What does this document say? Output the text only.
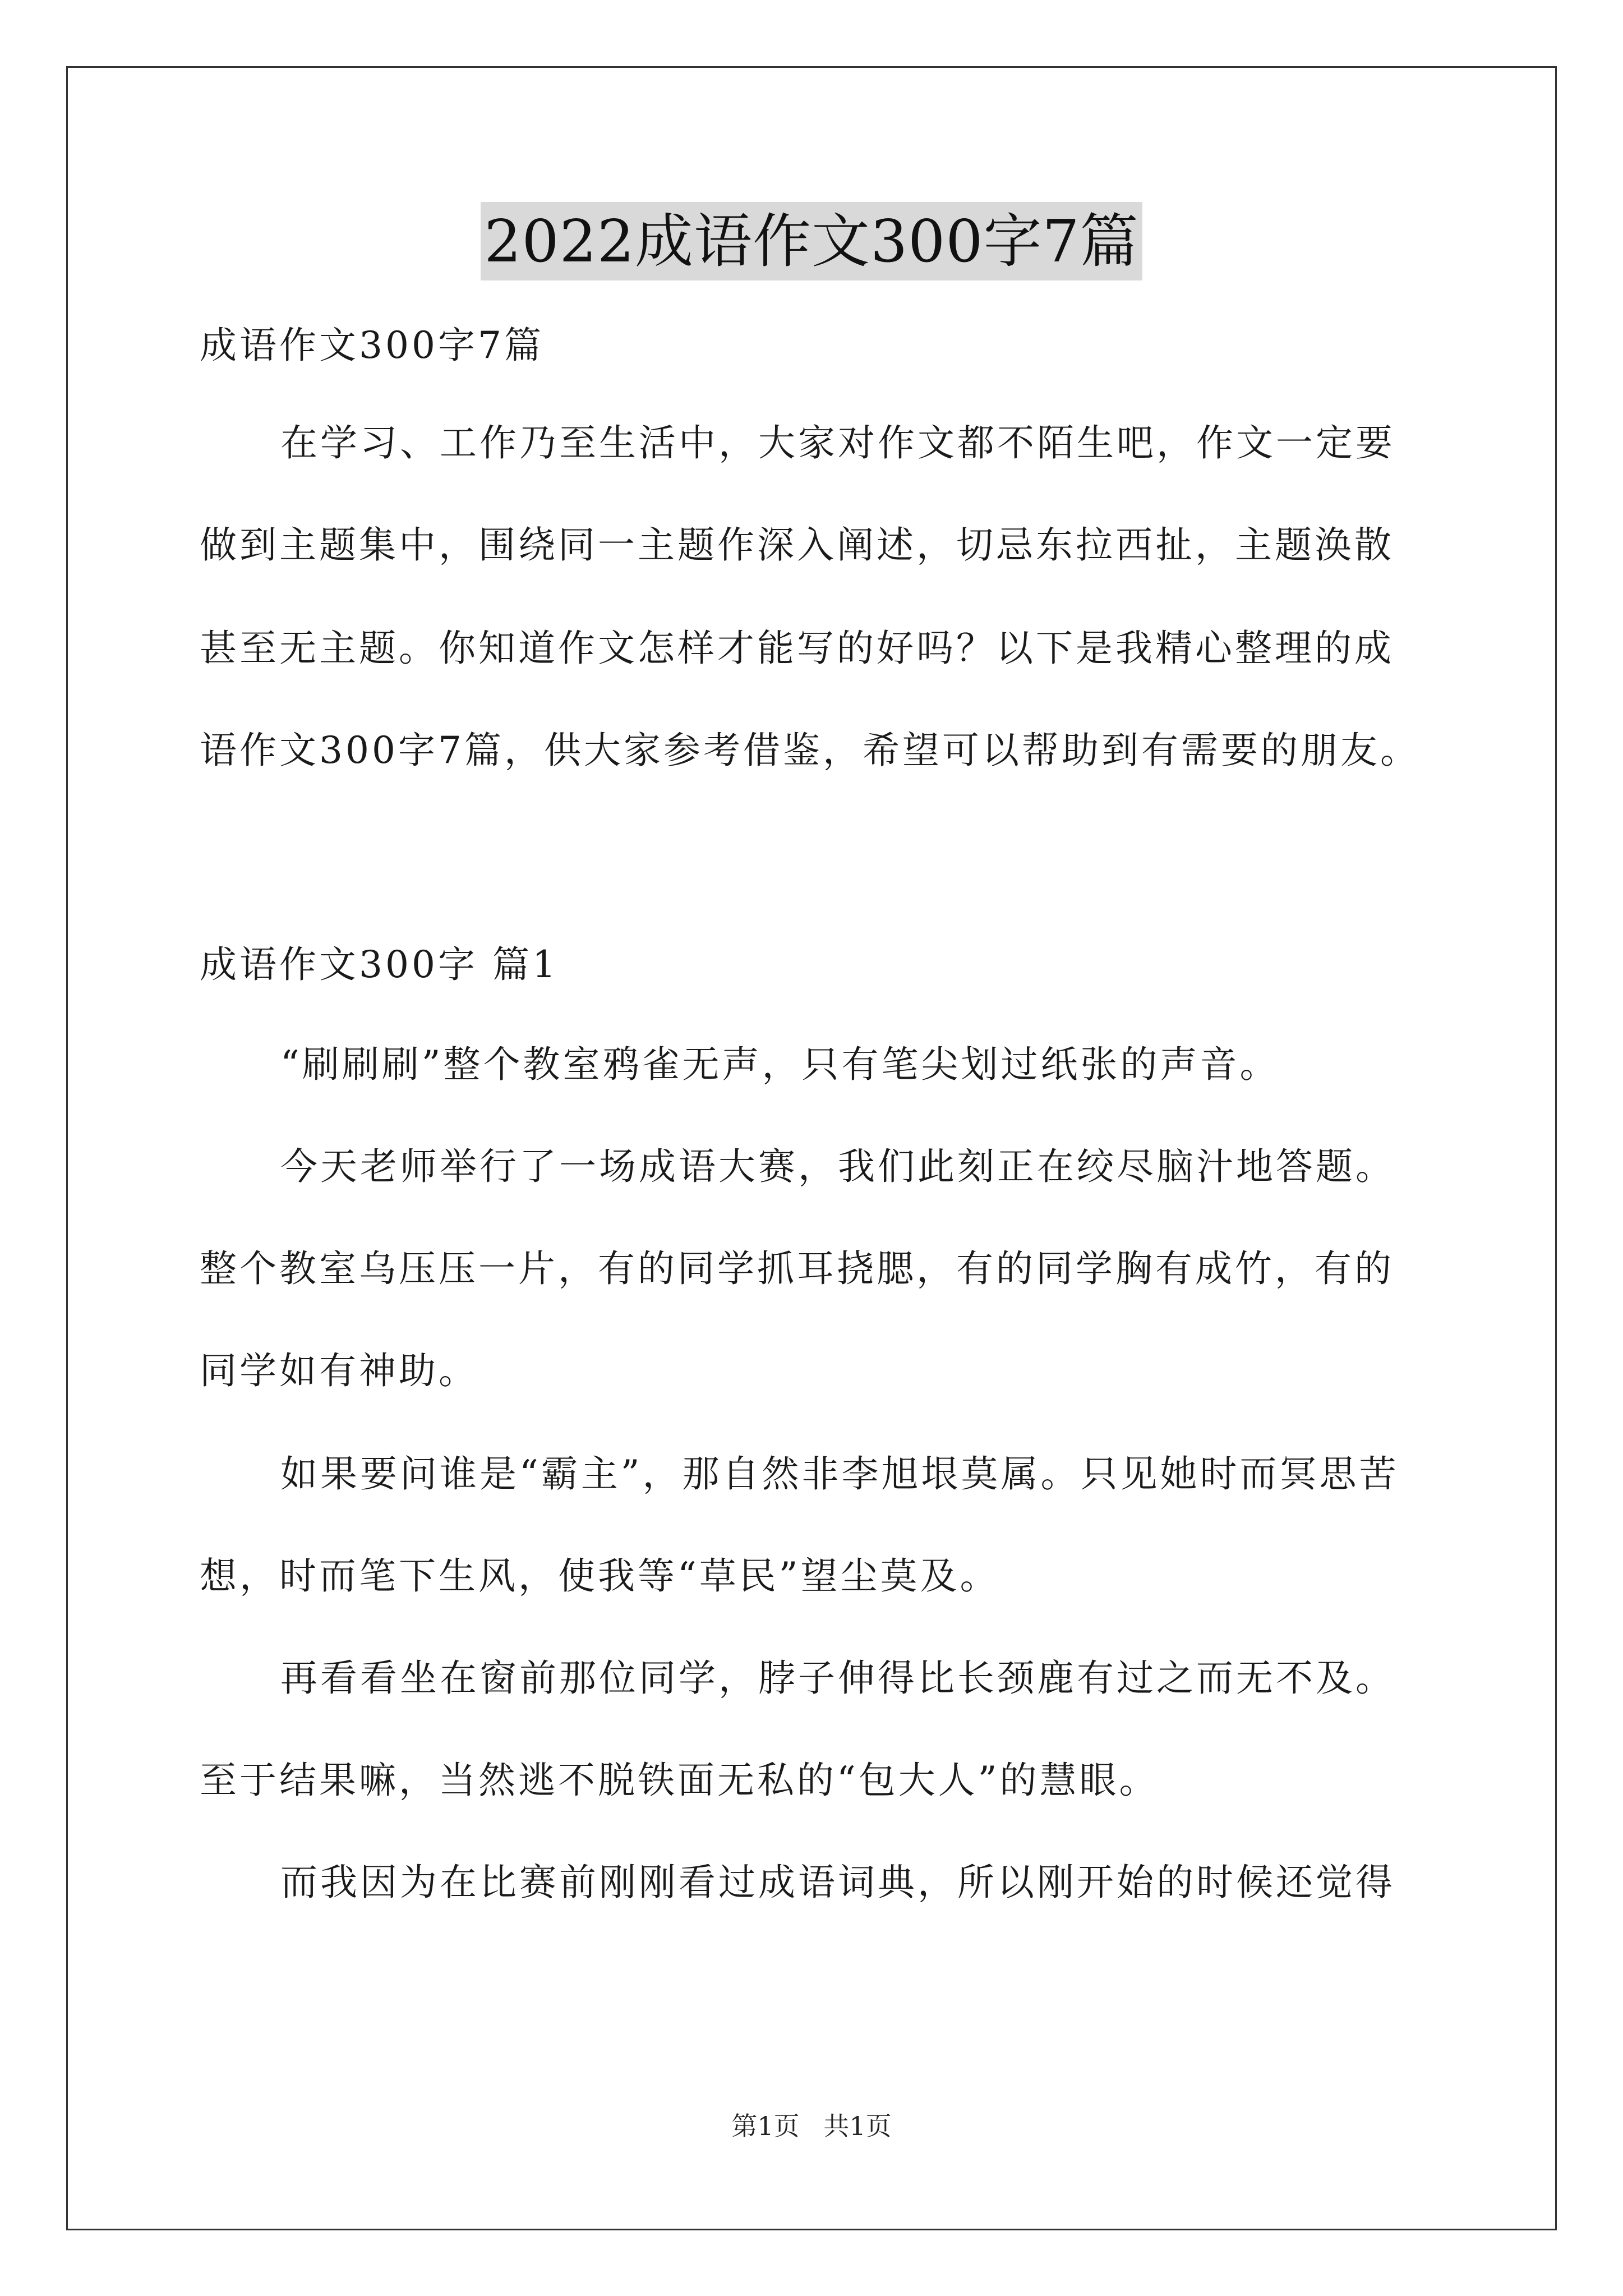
2022成语作文300字7篇
成语作文300字7篇
在学习、工作乃至生活中，大家对作文都不陌生吧，作文一定要
做到主题集中，围绕同一主题作深入阐述，切忌东拉西扯，主题涣散
甚至无主题。你知道作文怎样才能写的好吗？以下是我精心整理的成
语作文300字7篇，供大家参考借鉴，希望可以帮助到有需要的朋友。
成语作文300字 篇1
“刷刷刷”整个教室鸦雀无声，只有笔尖划过纸张的声音。
今天老师举行了一场成语大赛，我们此刻正在绞尽脑汁地答题。
整个教室乌压压一片，有的同学抓耳挠腮，有的同学胸有成竹，有的
同学如有神助。
如果要问谁是“霸主”，那自然非李旭垠莫属。只见她时而冥思苦
想，时而笔下生风，使我等“草民”望尘莫及。
再看看坐在窗前那位同学，脖子伸得比长颈鹿有过之而无不及。
至于结果嘛，当然逃不脱铁面无私的“包大人”的慧眼。
而我因为在比赛前刚刚看过成语词典，所以刚开始的时候还觉得
第1页 共1页
